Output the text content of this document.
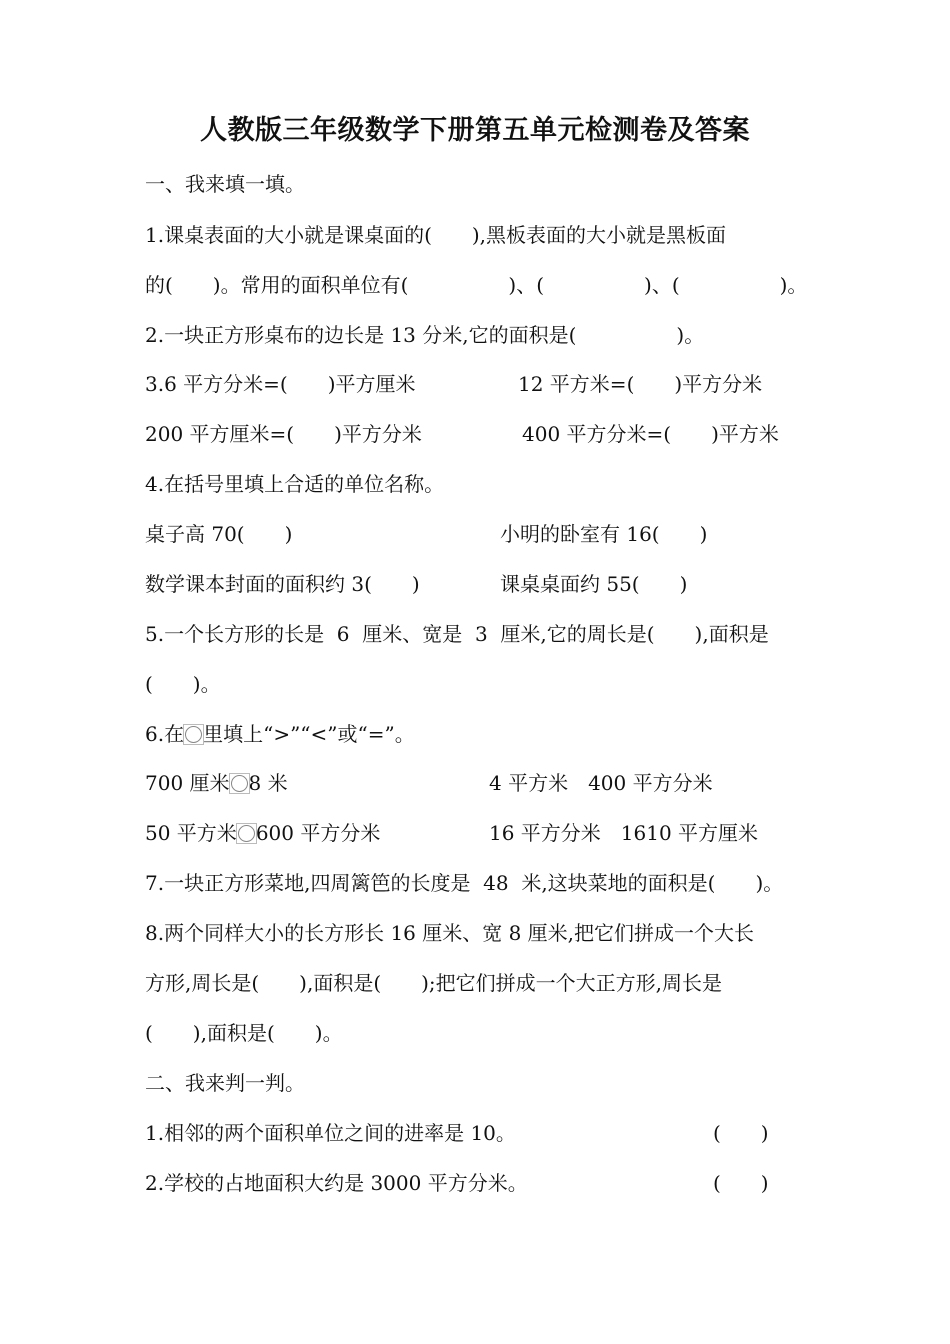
人教版三年级数学下册第五单元检测卷及答案
一、我来填一填。
1.课桌表面的大小就是课桌面的(　　),黑板表面的大小就是黑板面
的(　　)。常用的面积单位有(　　　　　)、(　　　　　)、(　　　　　)。
2.一块正方形桌布的边长是 13 分米,它的面积是(　　　　　)。
3.6 平方分米=(　　)平方厘米	12 平方米=(　　)平方分米
200 平方厘米=(　　)平方分米	400 平方分米=(　　)平方米
4.在括号里填上合适的单位名称。
桌子高 70(　　)	小明的卧室有 16(　　)
数学课本封面的面积约 3(　　)	课桌桌面约 55(　　)
5.一个长方形的长是  6  厘米、宽是  3  厘米,它的周长是(　　),面积是
(　　)。
6.在 里填上“>”“<”或“=”。
700 厘米 8 米	4 平方米　400 平方分米
50 平方米 600 平方分米	16 平方分米　1610 平方厘米
7.一块正方形菜地,四周篱笆的长度是  48  米,这块菜地的面积是(　　)。
8.两个同样大小的长方形长 16 厘米、宽 8 厘米,把它们拼成一个大长
方形,周长是(　　),面积是(　　);把它们拼成一个大正方形,周长是
(　　),面积是(　　)。
二、我来判一判。
1.相邻的两个面积单位之间的进率是 10。	(　　)
2.学校的占地面积大约是 3000 平方分米。	(　　)
